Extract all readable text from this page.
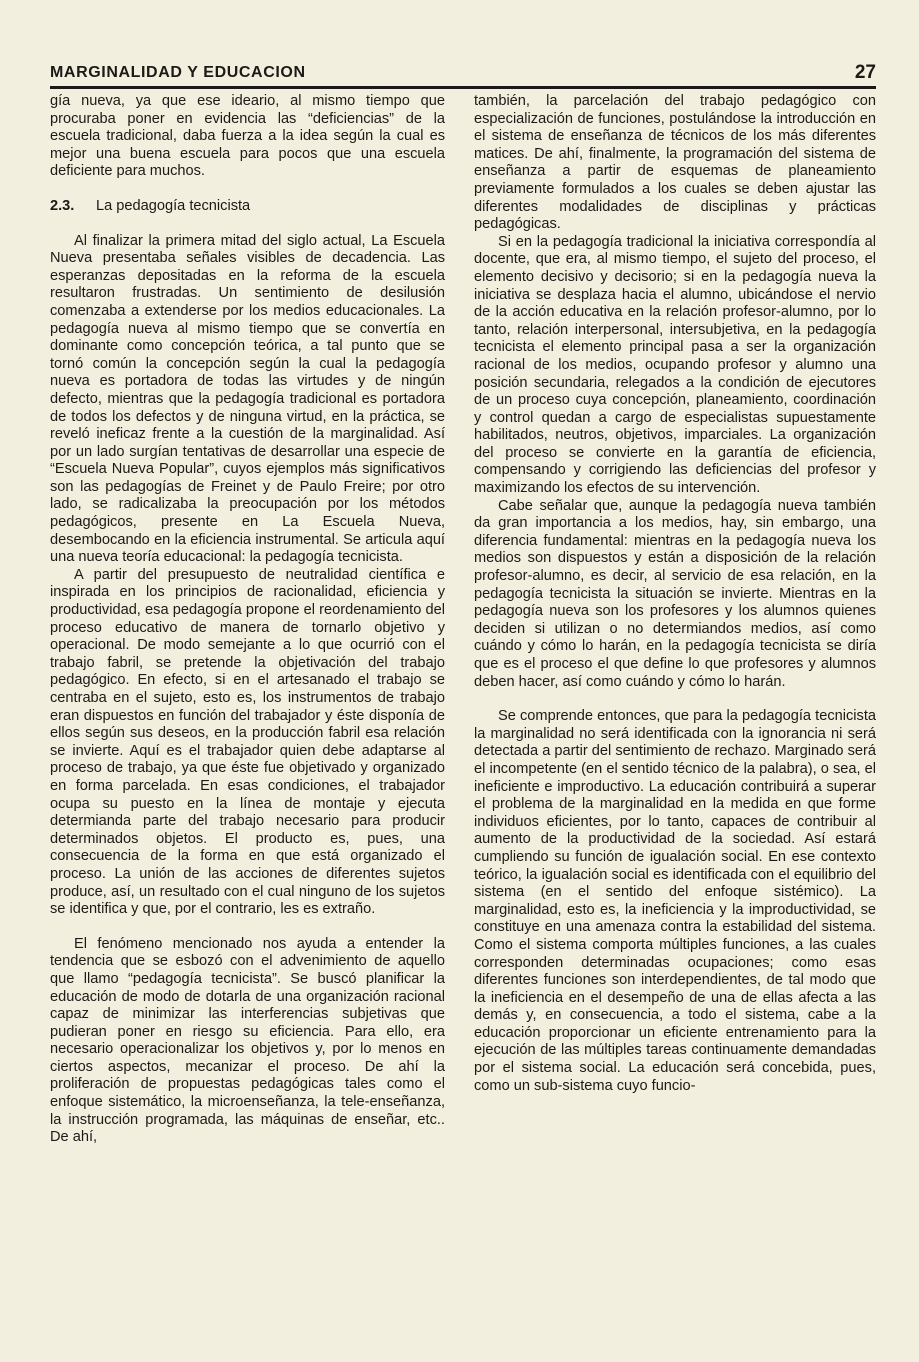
MARGINALIDAD Y EDUCACION	27

gía nueva, ya que ese ideario, al mismo tiempo que procuraba poner en evidencia las “deficiencias” de la escuela tradicional, daba fuerza a la idea según la cual es mejor una buena escuela para pocos que una escuela deficiente para muchos.

2.3. La pedagogía tecnicista

Al finalizar la primera mitad del siglo actual, La Escuela Nueva presentaba señales visibles de decadencia. Las esperanzas depositadas en la reforma de la escuela resultaron frustradas. Un sentimiento de desilusión comenzaba a extenderse por los medios educacionales. La pedagogía nueva al mismo tiempo que se convertía en dominante como concepción teórica, a tal punto que se tornó común la concepción según la cual la pedagogía nueva es portadora de todas las virtudes y de ningún defecto, mientras que la pedagogía tradicional es portadora de todos los defectos y de ninguna virtud, en la práctica, se reveló ineficaz frente a la cuestión de la marginalidad. Así por un lado surgían tentativas de desarrollar una especie de “Escuela Nueva Popular”, cuyos ejemplos más significativos son las pedagogías de Freinet y de Paulo Freire; por otro lado, se radicalizaba la preocupación por los métodos pedagógicos, presente en La Escuela Nueva, desembocando en la eficiencia instrumental. Se articula aquí una nueva teoría educacional: la pedagogía tecnicista.

A partir del presupuesto de neutralidad científica e inspirada en los principios de racionalidad, eficiencia y productividad, esa pedagogía propone el reordenamiento del proceso educativo de manera de tornarlo objetivo y operacional. De modo semejante a lo que ocurrió con el trabajo fabril, se pretende la objetivación del trabajo pedagógico. En efecto, si en el artesanado el trabajo se centraba en el sujeto, esto es, los instrumentos de trabajo eran dispuestos en función del trabajador y éste disponía de ellos según sus deseos, en la producción fabril esa relación se invierte. Aquí es el trabajador quien debe adaptarse al proceso de trabajo, ya que éste fue objetivado y organizado en forma parcelada. En esas condiciones, el trabajador ocupa su puesto en la línea de montaje y ejecuta determianda parte del trabajo necesario para producir determinados objetos. El producto es, pues, una consecuencia de la forma en que está organizado el proceso. La unión de las acciones de diferentes sujetos produce, así, un resultado con el cual ninguno de los sujetos se identifica y que, por el contrario, les es extraño.

El fenómeno mencionado nos ayuda a entender la tendencia que se esbozó con el advenimiento de aquello que llamo “pedagogía tecnicista”. Se buscó planificar la educación de modo de dotarla de una organización racional capaz de minimizar las interferencias subjetivas que pudieran poner en riesgo su eficiencia. Para ello, era necesario operacionalizar los objetivos y, por lo menos en ciertos aspectos, mecanizar el proceso. De ahí la proliferación de propuestas pedagógicas tales como el enfoque sistemático, la microenseñanza, la tele-enseñanza, la instrucción programada, las máquinas de enseñar, etc.. De ahí,

también, la parcelación del trabajo pedagógico con especialización de funciones, postulándose la introducción en el sistema de enseñanza de técnicos de los más diferentes matices. De ahí, finalmente, la programación del sistema de enseñanza a partir de esquemas de planeamiento previamente formulados a los cuales se deben ajustar las diferentes modalidades de disciplinas y prácticas pedagógicas.

Si en la pedagogía tradicional la iniciativa correspondía al docente, que era, al mismo tiempo, el sujeto del proceso, el elemento decisivo y decisorio; si en la pedagogía nueva la iniciativa se desplaza hacia el alumno, ubicándose el nervio de la acción educativa en la relación profesor-alumno, por lo tanto, relación interpersonal, intersubjetiva, en la pedagogía tecnicista el elemento principal pasa a ser la organización racional de los medios, ocupando profesor y alumno una posición secundaria, relegados a la condición de ejecutores de un proceso cuya concepción, planeamiento, coordinación y control quedan a cargo de especialistas supuestamente habilitados, neutros, objetivos, imparciales. La organización del proceso se convierte en la garantía de eficiencia, compensando y corrigiendo las deficiencias del profesor y maximizando los efectos de su intervención.

Cabe señalar que, aunque la pedagogía nueva también da gran importancia a los medios, hay, sin embargo, una diferencia fundamental: mientras en la pedagogía nueva los medios son dispuestos y están a disposición de la relación profesor-alumno, es decir, al servicio de esa relación, en la pedagogía tecnicista la situación se invierte. Mientras en la pedagogía nueva son los profesores y los alumnos quienes deciden si utilizan o no determiandos medios, así como cuándo y cómo lo harán, en la pedagogía tecnicista se diría que es el proceso el que define lo que profesores y alumnos deben hacer, así como cuándo y cómo lo harán.

Se comprende entonces, que para la pedagogía tecnicista la marginalidad no será identificada con la ignorancia ni será detectada a partir del sentimiento de rechazo. Marginado será el incompetente (en el sentido técnico de la palabra), o sea, el ineficiente e improductivo. La educación contribuirá a superar el problema de la marginalidad en la medida en que forme individuos eficientes, por lo tanto, capaces de contribuir al aumento de la productividad de la sociedad. Así estará cumpliendo su función de igualación social. En ese contexto teórico, la igualación social es identificada con el equilibrio del sistema (en el sentido del enfoque sistémico). La marginalidad, esto es, la ineficiencia y la improductividad, se constituye en una amenaza contra la estabilidad del sistema. Como el sistema comporta múltiples funciones, a las cuales corresponden determinadas ocupaciones; como esas diferentes funciones son interdependientes, de tal modo que la ineficiencia en el desempeño de una de ellas afecta a las demás y, en consecuencia, a todo el sistema, cabe a la educación proporcionar un eficiente entrenamiento para la ejecución de las múltiples tareas continuamente demandadas por el sistema social. La educación será concebida, pues, como un sub-sistema cuyo funcio-
